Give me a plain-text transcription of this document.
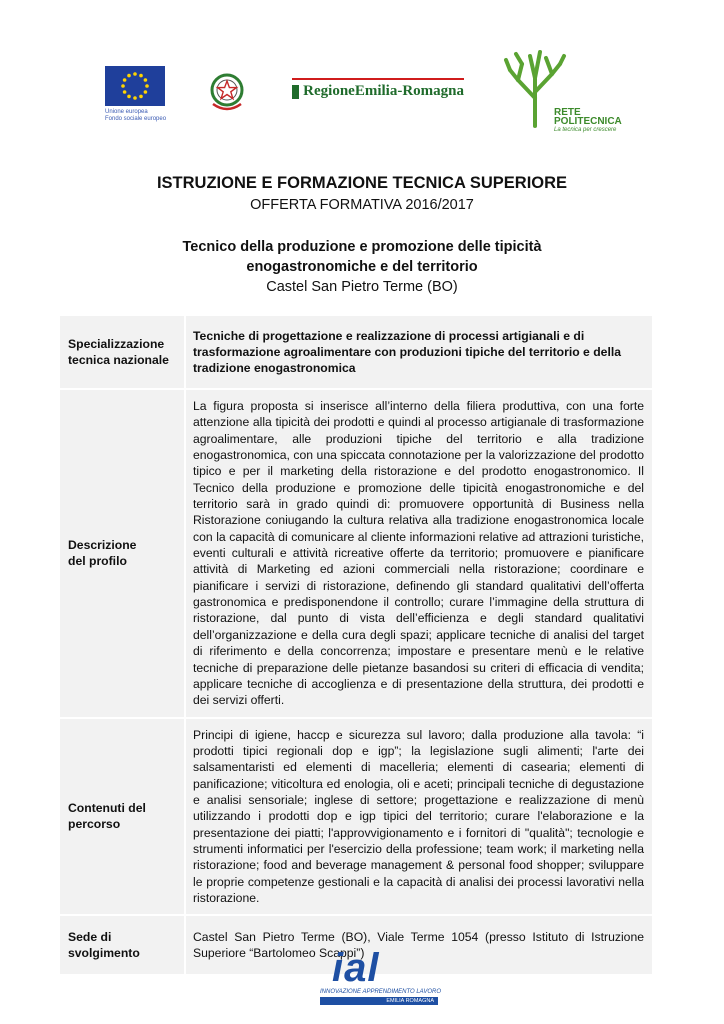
Unione europea
Fondo sociale europeo
RegioneEmilia-Romagna
RETE
POLITECNICA
La tecnica per crescere
ISTRUZIONE E FORMAZIONE TECNICA SUPERIORE
OFFERTA FORMATIVA 2016/2017
Tecnico della produzione e promozione delle tipicità
enogastronomiche e del territorio
Castel San Pietro Terme (BO)
Specializzazione
tecnica nazionale	Tecniche di progettazione e realizzazione di processi artigianali e di trasformazione agroalimentare con produzioni tipiche del territorio e della tradizione enogastronomica

Descrizione
del profilo	La figura proposta si inserisce all’interno della filiera produttiva, con una forte attenzione alla tipicità dei prodotti e quindi al processo artigianale di trasformazione agroalimentare, alle produzioni tipiche del territorio e alla tradizione enogastronomica, con una spiccata connotazione per la valorizzazione del prodotto tipico e per il marketing della ristorazione e del prodotto enogastronomico. Il Tecnico della produzione e promozione delle tipicità enogastronomiche e del territorio sarà in grado quindi di: promuovere opportunità di Business nella Ristorazione coniugando la cultura relativa alla tradizione enogastronomica locale con la capacità di comunicare al cliente informazioni relative ad attrazioni turistiche, eventi culturali e attività ricreative offerte da territorio; promuovere e pianificare attività di Marketing ed azioni commerciali nella ristorazione; coordinare e pianificare i servizi di ristorazione, definendo gli standard qualitativi dell’offerta gastronomica e predisponendone il controllo; curare l’immagine della struttura di ristorazione, dal punto di vista dell’efficienza e degli standard qualitativi dell’organizzazione e della cura degli spazi; applicare tecniche di analisi del target di riferimento e della concorrenza; impostare e presentare menù e le relative tecniche di preparazione delle pietanze basandosi su criteri di efficacia di vendita; applicare tecniche di accoglienza e di presentazione della struttura, dei prodotti e dei servizi offerti.

Contenuti del
percorso	Principi di igiene, haccp e sicurezza sul lavoro; dalla produzione alla tavola: “i prodotti tipici regionali dop e igp”; la legislazione sugli alimenti; l'arte dei salsamentaristi ed elementi di macelleria; elementi di casearia; elementi di panificazione; viticoltura ed enologia, oli e aceti; principali tecniche di degustazione e analisi sensoriale; inglese di settore; progettazione e realizzazione di menù utilizzando i prodotti dop e igp tipici del territorio; curare l'elaborazione e la presentazione dei piatti; l'approvvigionamento e i fornitori di "qualità"; tecnologie e strumenti informatici per l'esercizio della professione; team work; il marketing nella ristorazione; food and beverage management & personal food shopper; sviluppare le proprie competenze gestionali e la capacità di analisi dei processi lavorativi nella ristorazione.

Sede di
svolgimento	Castel San Pietro Terme (BO), Viale Terme 1054 (presso Istituto di Istruzione Superiore “Bartolomeo Scappi”)
ial
INNOVAZIONE APPRENDIMENTO LAVORO
EMILIA ROMAGNA
